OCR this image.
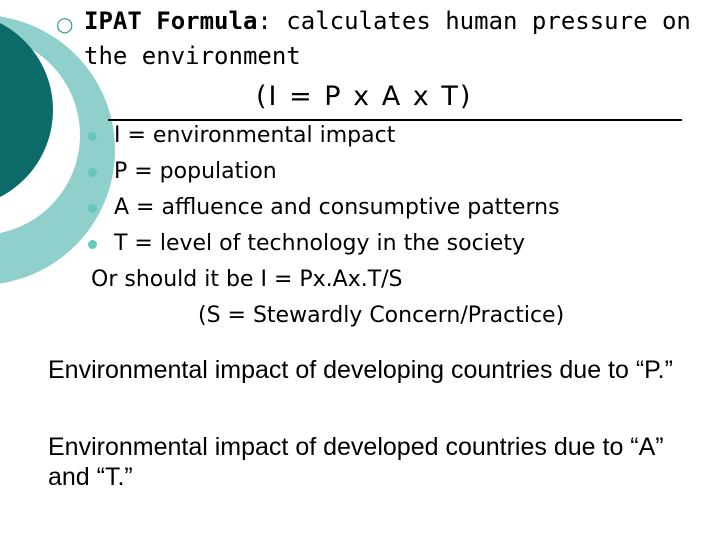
○ IPAT Formula: calculates human pressure on the environment
(I = P x A x T)
I = environmental impact
P = population
A = affluence and consumptive patterns
T = level of technology in the society
Or should it be I = Px.Ax.T/S
(S = Stewardly Concern/Practice)
Environmental impact of developing countries due to “P.”
Environmental impact of developed countries due to “A” and “T.”
